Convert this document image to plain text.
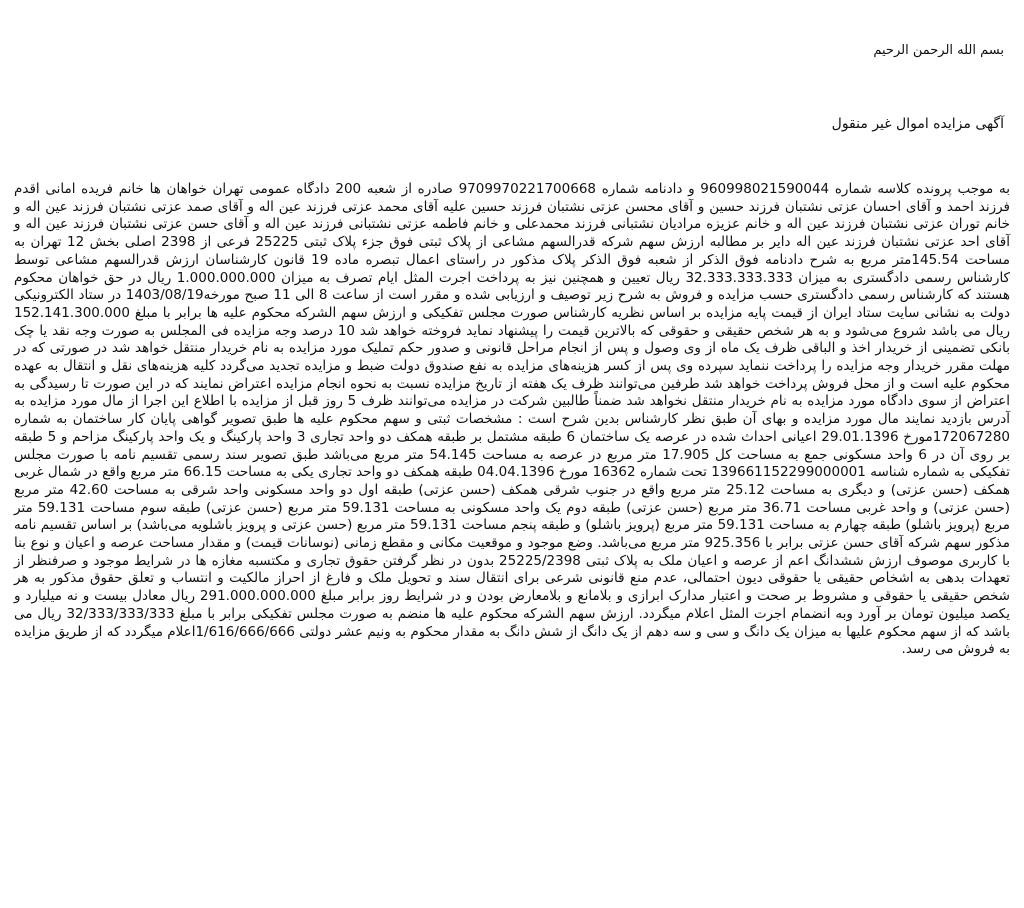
بسم الله الرحمن الرحیم
آگهی مزایده اموال غیر منقول

به موجب پرونده کلاسه شماره 960998021590044 و دادنامه شماره 9709970221700668 صادره از شعبه 200 دادگاه عمومی تهران خواهان ها خانم فریده امانی اقدم فرزند احمد و آقای احسان عزتی نشتبان فرزند حسین و آقای محسن عزتی نشتبان فرزند حسین علیه آقای محمد عزتی فرزند عین اله و آقای صمد عزتی نشتبان فرزند عین اله و خانم توران عزتی نشتبان فرزند عین اله و خانم عزیزه مرادیان نشتبانی فرزند محمدعلی و خانم فاطمه عزتی نشتبانی فرزند عین اله و آقای حسن عزتی نشتبان فرزند عین اله و آقای احد عزتی نشتبان فرزند عین اله دایر بر مطالبه ارزش سهم شرکه قدرالسهم مشاعی از پلاک ثبتی فوق جزء پلاک ثبتی 25225 فرعی از 2398 اصلی بخش 12 تهران به مساحت 145.54متر مربع به شرح دادنامه فوق الذکر از شعبه فوق الذکر پلاک مذکور در راستای اعمال تبصره ماده 19 قانون کارشناسان ارزش قدرالسهم مشاعی توسط کارشناس رسمی دادگستری به میزان 32.333.333.333 ریال تعیین و همچنین نیز به پرداخت اجرت المثل ایام تصرف به میزان 1.000.000.000 ریال در حق خواهان محکوم هستند که کارشناس رسمی دادگستری حسب مزایده و فروش به شرح زیر توصیف و ارزیابی شده و مقرر است از ساعت 8 الی 11 صبح مورخه1403/08/19 در ستاد الکترونیکی دولت به نشانی سایت ستاد ایران از قیمت پایه مزایده بر اساس نظریه کارشناس صورت مجلس تفکیکی و ارزش سهم الشرکه محکوم علیه ها برابر با مبلغ 152.141.300.000 ریال می باشد شروع می‌شود و به هر شخص حقیقی و حقوقی که بالاترین قیمت را پیشنهاد نماید فروخته خواهد شد 10 درصد وجه مزایده فی المجلس به صورت وجه نقد یا چک بانکی تضمینی از خریدار اخذ و الباقی ظرف یک ماه از وی وصول و پس از انجام مراحل قانونی و صدور حکم تملیک مورد مزایده به نام خریدار منتقل خواهد شد در صورتی که در مهلت مقرر خریدار وجه مزایده را پرداخت ننماید سپرده وی پس از کسر هزینه‌های مزایده به نفع صندوق دولت ضبط و مزایده تجدید می‌گردد کلیه هزینه‌های نقل و انتقال به عهده محکوم علیه است و از محل فروش پرداخت خواهد شد طرفین می‌توانند ظرف یک هفته از تاریخ مزایده نسبت به نحوه انجام مزایده اعتراض نمایند که در این صورت تا رسیدگی به اعتراض از سوی دادگاه مورد مزایده به نام خریدار منتقل نخواهد شد ضمناً طالبین شرکت در مزایده می‌توانند ظرف 5 روز قبل از مزایده با اطلاع این اجرا از مال مورد مزایده به آدرس بازدید نمایند مال مورد مزایده و بهای آن طبق نظر کارشناس بدین شرح است : مشخصات ثبتی و سهم محکوم علیه ها طبق تصویر گواهی پایان کار ساختمان به شماره 172067280مورخ 29.01.1396 اعیانی احداث شده در عرصه یک ساختمان 6 طبقه مشتمل بر طبقه همکف دو واحد تجاری 3 واحد پارکینگ و یک واحد پارکینگ مزاحم و 5 طبقه بر روی آن در 6 واحد مسکونی جمع به مساحت کل 17.905 متر مربع در عرصه به مساحت 54.145 متر مربع می‌باشد طبق تصویر سند رسمی تقسیم نامه با صورت مجلس تفکیکی به شماره شناسه 13966115229900000‌1 تحت شماره 16362 مورخ 04.04.1396 طبقه همکف دو واحد تجاری یکی به مساحت 66.15 متر مربع واقع در شمال غربی همکف (حسن عزتی) و دیگری به مساحت 25.12 متر مربع واقع در جنوب شرقی همکف (حسن عزتی) طبقه اول دو واحد مسکونی واحد شرقی به مساحت 42.60 متر مربع (حسن عزتی) و واحد غربی مساحت 36.71 متر مربع (حسن عزتی) طبقه دوم یک واحد مسکونی به مساحت 59.131 متر مربع (حسن عزتی) طبقه سوم مساحت 59.131 متر مربع (پرویز باشلو) طبقه چهارم به مساحت 59.131 متر مربع (پرویز باشلو) و طبقه پنجم مساحت 59.131 متر مربع (حسن عزتی و پرویز باشلویه می‌باشد) بر اساس تقسیم نامه مذکور سهم شرکه آقای حسن عزتی برابر با 925.356 متر مربع می‌باشد. وضع موجود و موقعیت مکانی و مقطع زمانی (نوسانات قیمت) و مقدار مساحت عرصه و اعیان و نوع بنا با کاربری موصوف ارزش ششدانگ اعم از عرصه و اعیان ملک به پلاک ثبتی 25225/2398 بدون در نظر گرفتن حقوق تجاری و مکتسبه مغازه ها در شرایط موجود و صرفنظر از تعهدات بدهی به اشخاص حقیقی یا حقوقی دیون احتمالی، عدم منع قانونی شرعی برای انتقال سند و تحویل ملک و فارغ از احراز مالکیت و انتساب و تعلق حقوق مذکور به هر شخص حقیقی یا حقوقی و مشروط بر صحت و اعتبار مدارک ابرازی و بلامانع و بلامعارض بودن و در شرایط روز برابر مبلغ 291.000.000.000 ریال معادل بیست و نه میلیارد و یکصد میلیون تومان بر آورد وبه انضمام اجرت المثل اعلام میگردد. ارزش سهم الشرکه محکوم علیه ها منضم به صورت مجلس تفکیکی برابر با مبلغ 32/333/333/333 ریال می باشد که از سهم محکوم علیها به میزان یک دانگ و سی و سه دهم از یک دانگ از شش دانگ به مقدار محکوم به ونیم عشر دولتی 1/616/666/666اعلام میگردد که از طریق مزایده به فروش می رسد.
